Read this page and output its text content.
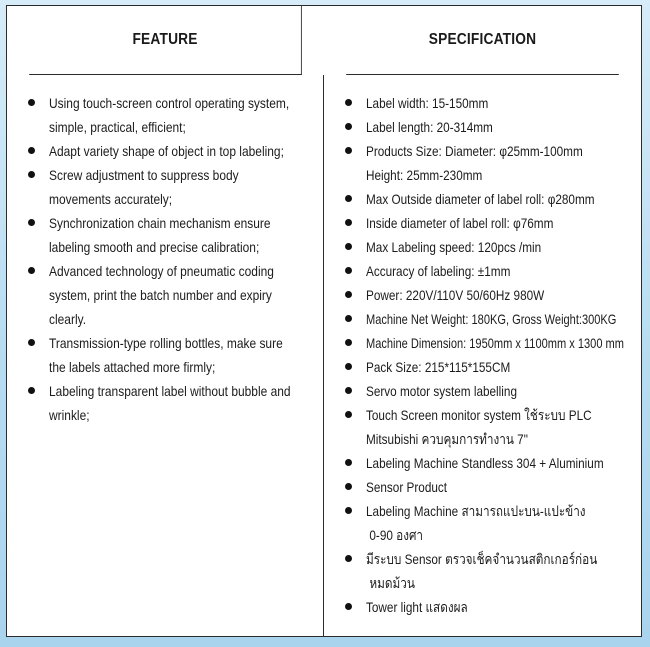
FEATURE	SPECIFICATION
Using touch-screen control operating system,
simple, practical, efficient;
Adapt variety shape of object in top labeling;
Screw adjustment to suppress body
movements accurately;
Synchronization chain mechanism ensure
labeling smooth and precise calibration;
Advanced technology of pneumatic coding
system, print the batch number and expiry
clearly.
Transmission-type rolling bottles, make sure
the labels attached more firmly;
Labeling transparent label without bubble and
wrinkle;
Label width: 15-150mm
Label length: 20-314mm
Products Size: Diameter: φ25mm-100mm
Height: 25mm-230mm
Max Outside diameter of label roll: φ280mm
Inside diameter of label roll: φ76mm
Max Labeling speed: 120pcs /min
Accuracy of labeling: ±1mm
Power: 220V/110V 50/60Hz 980W
Machine Net Weight: 180KG, Gross Weight:300KG
Machine Dimension: 1950mm x 1100mm x 1300 mm
Pack Size: 215*115*155CM
Servo motor system labelling
Touch Screen monitor system ใช้ระบบ PLC
Mitsubishi ควบคุมการทำงาน 7"
Labeling Machine Standless 304 + Aluminium
Sensor Product
Labeling Machine สามารถแปะบน-แปะข้าง
0-90 องศา
มีระบบ Sensor ตรวจเช็คจำนวนสติกเกอร์ก่อน
หมดม้วน
Tower light แสดงผล
